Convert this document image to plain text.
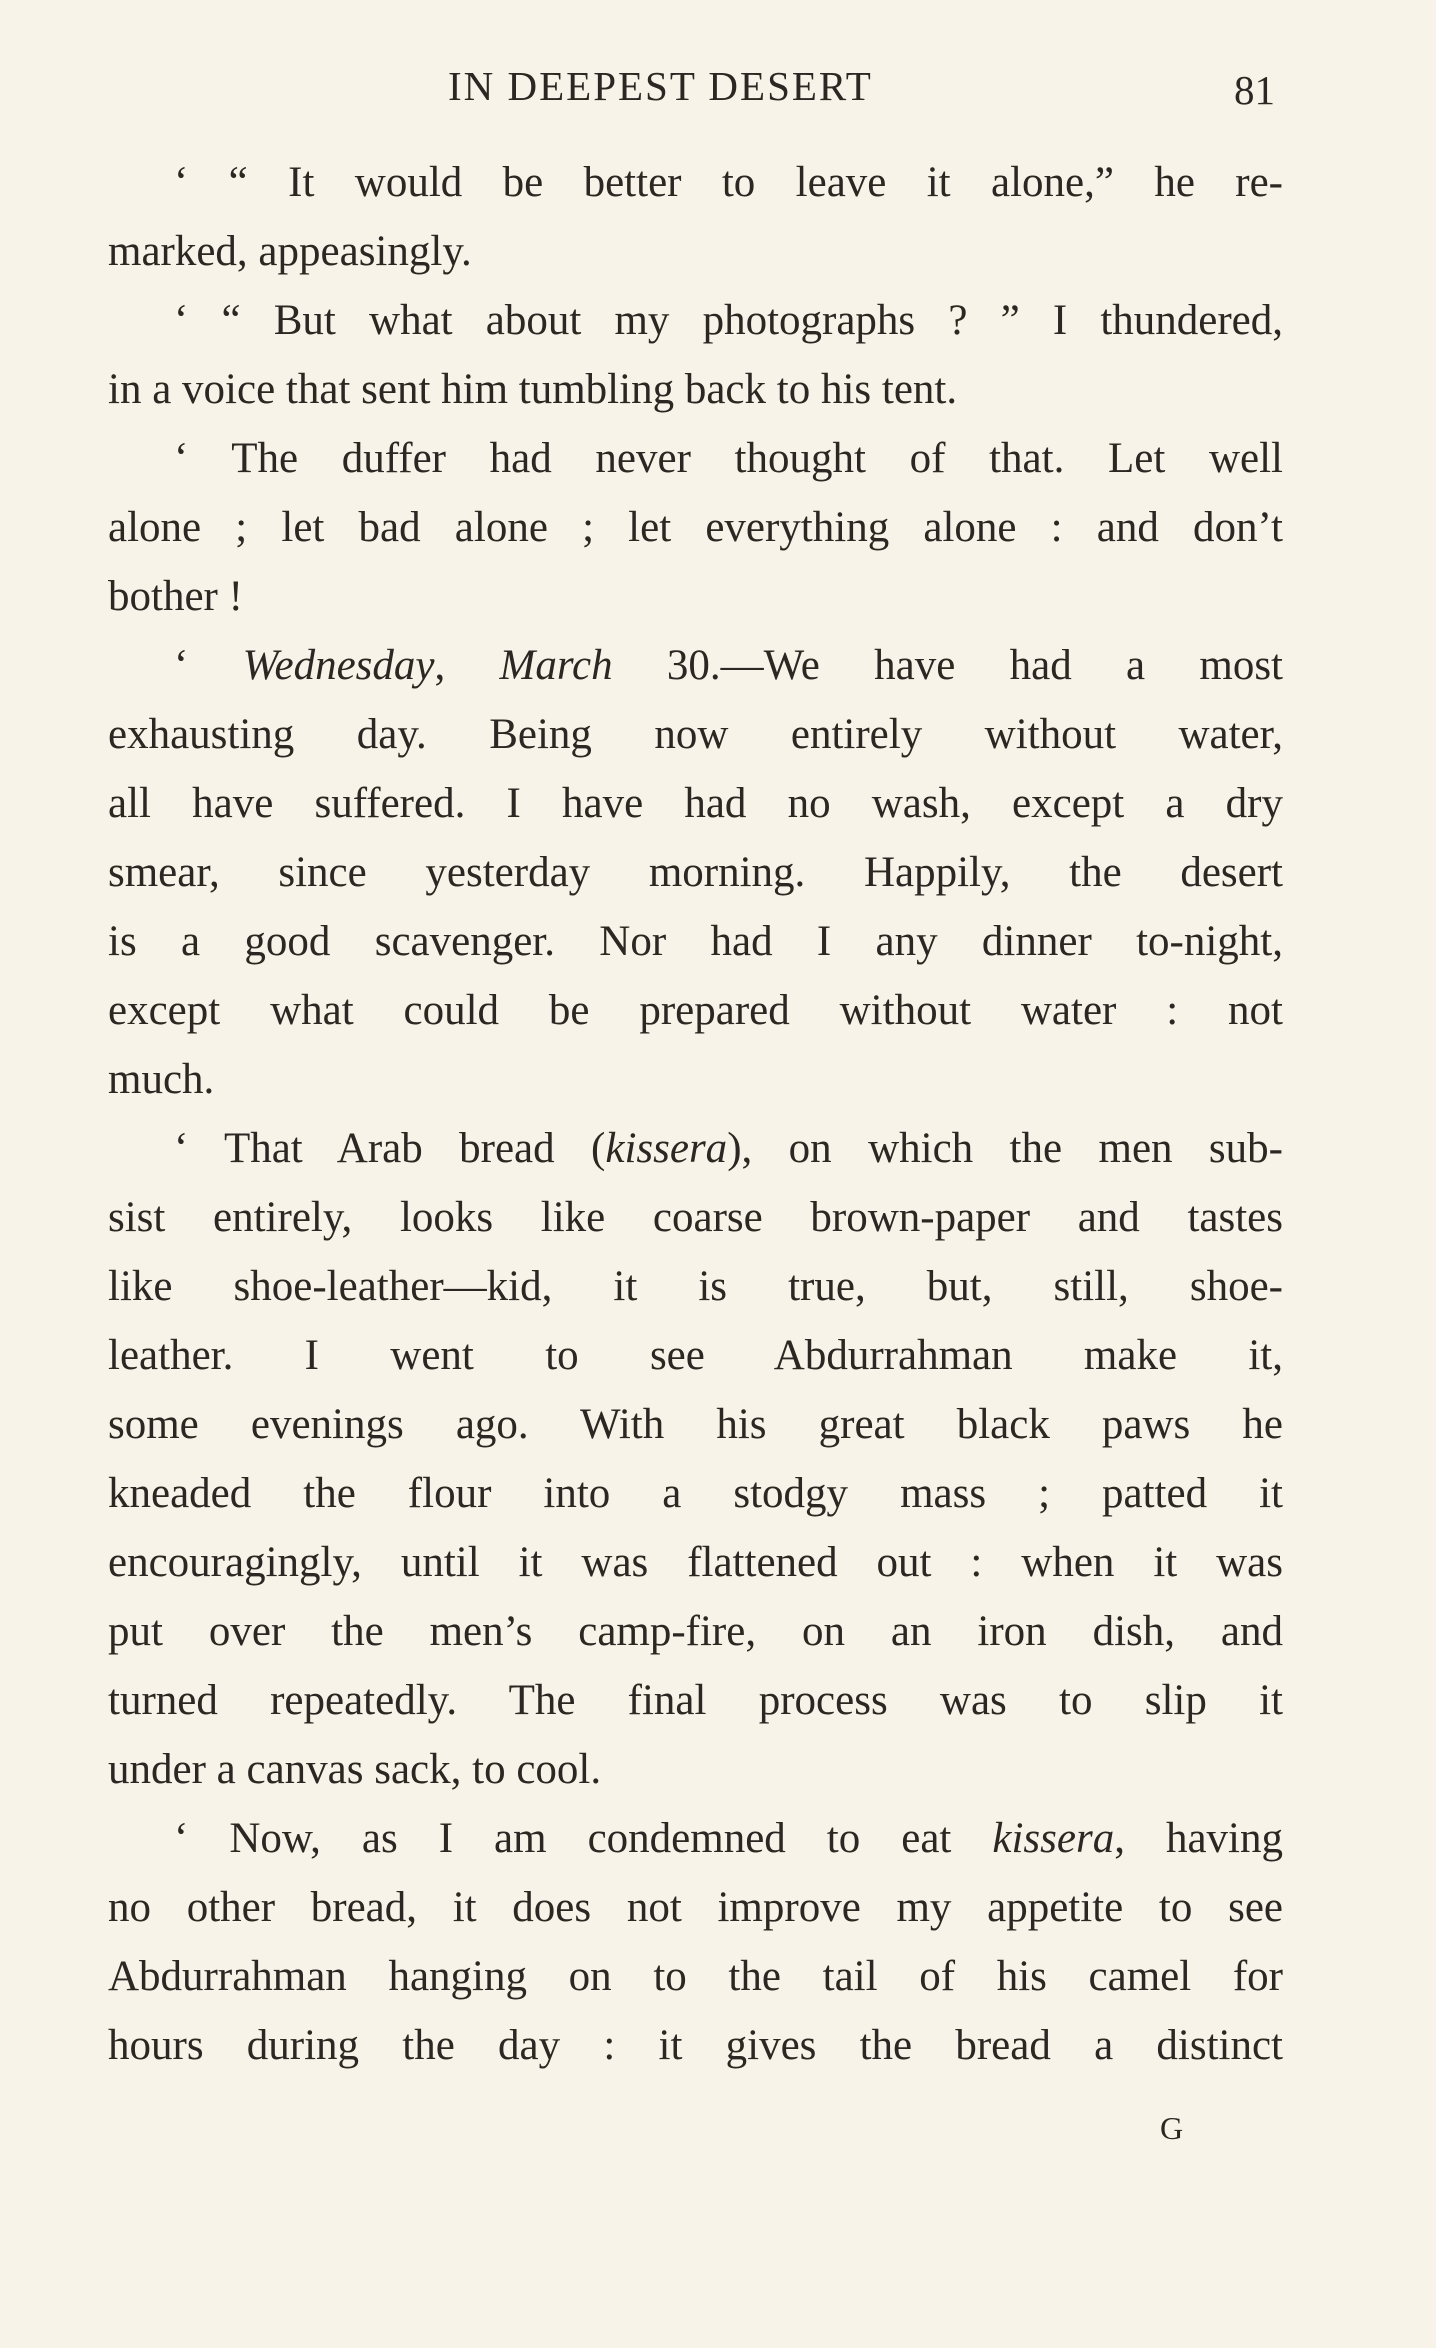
IN DEEPEST DESERT	81
‘ “ It would be better to leave it alone,” he re-
marked, appeasingly.
‘ “ But what about my photographs ? ” I thundered,
in a voice that sent him tumbling back to his tent.
‘ The duffer had never thought of that. Let well
alone ; let bad alone ; let everything alone : and don’t
bother !
‘ Wednesday, March 30.—We have had a most
exhausting day. Being now entirely without water,
all have suffered. I have had no wash, except a dry
smear, since yesterday morning. Happily, the desert
is a good scavenger. Nor had I any dinner to-night,
except what could be prepared without water : not
much.
‘ That Arab bread (kissera), on which the men sub-
sist entirely, looks like coarse brown-paper and tastes
like shoe-leather—kid, it is true, but, still, shoe-
leather. I went to see Abdurrahman make it,
some evenings ago. With his great black paws he
kneaded the flour into a stodgy mass ; patted it
encouragingly, until it was flattened out : when it was
put over the men’s camp-fire, on an iron dish, and
turned repeatedly. The final process was to slip it
under a canvas sack, to cool.
‘ Now, as I am condemned to eat kissera, having
no other bread, it does not improve my appetite to see
Abdurrahman hanging on to the tail of his camel for
hours during the day : it gives the bread a distinct
G
